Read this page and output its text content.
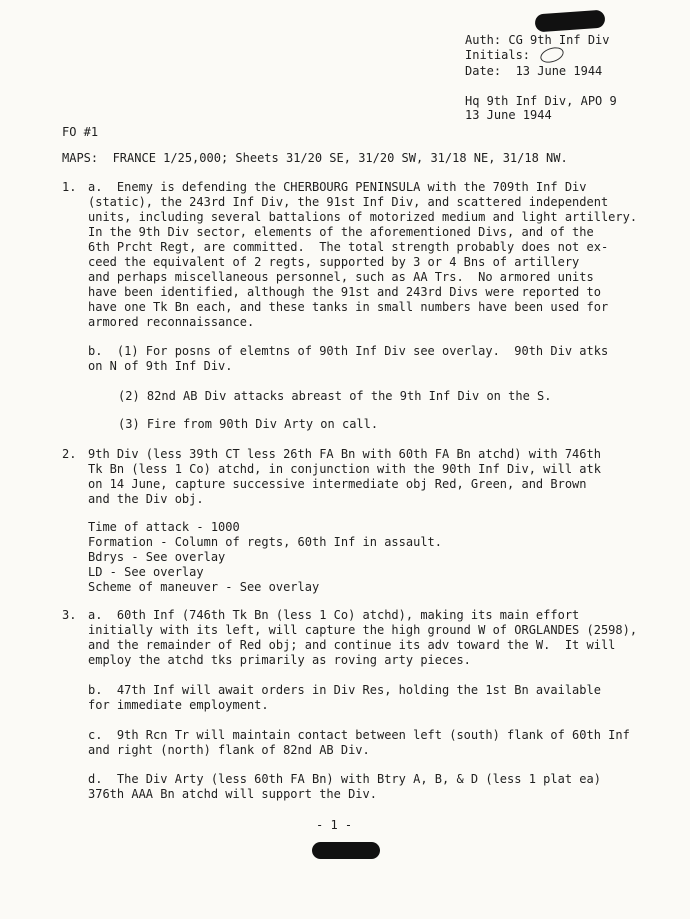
Auth: CG 9th Inf Div
Initials:
Date:  13 June 1944
Hq 9th Inf Div, APO 9
13 June 1944
FO #1
MAPS:  FRANCE 1/25,000; Sheets 31/20 SE, 31/20 SW, 31/18 NE, 31/18 NW.
1. a.  Enemy is defending the CHERBOURG PENINSULA with the 709th Inf Div
(static), the 243rd Inf Div, the 91st Inf Div, and scattered independent
units, including several battalions of motorized medium and light artillery.
In the 9th Div sector, elements of the aforementioned Divs, and of the
6th Prcht Regt, are committed.  The total strength probably does not ex-
ceed the equivalent of 2 regts, supported by 3 or 4 Bns of artillery
and perhaps miscellaneous personnel, such as AA Trs.  No armored units
have been identified, although the 91st and 243rd Divs were reported to
have one Tk Bn each, and these tanks in small numbers have been used for
armored reconnaissance.
b.  (1) For posns of elemtns of 90th Inf Div see overlay.  90th Div atks
on N of 9th Inf Div.
(2) 82nd AB Div attacks abreast of the 9th Inf Div on the S.
(3) Fire from 90th Div Arty on call.
2. 9th Div (less 39th CT less 26th FA Bn with 60th FA Bn atchd) with 746th
Tk Bn (less 1 Co) atchd, in conjunction with the 90th Inf Div, will atk
on 14 June, capture successive intermediate obj Red, Green, and Brown
and the Div obj.
Time of attack - 1000
Formation - Column of regts, 60th Inf in assault.
Bdrys - See overlay
LD - See overlay
Scheme of maneuver - See overlay
3. a.  60th Inf (746th Tk Bn (less 1 Co) atchd), making its main effort
initially with its left, will capture the high ground W of ORGLANDES (2598),
and the remainder of Red obj; and continue its adv toward the W.  It will
employ the atchd tks primarily as roving arty pieces.
b.  47th Inf will await orders in Div Res, holding the 1st Bn available
for immediate employment.
c.  9th Rcn Tr will maintain contact between left (south) flank of 60th Inf
and right (north) flank of 82nd AB Div.
d.  The Div Arty (less 60th FA Bn) with Btry A, B, & D (less 1 plat ea)
376th AAA Bn atchd will support the Div.
- 1 -
